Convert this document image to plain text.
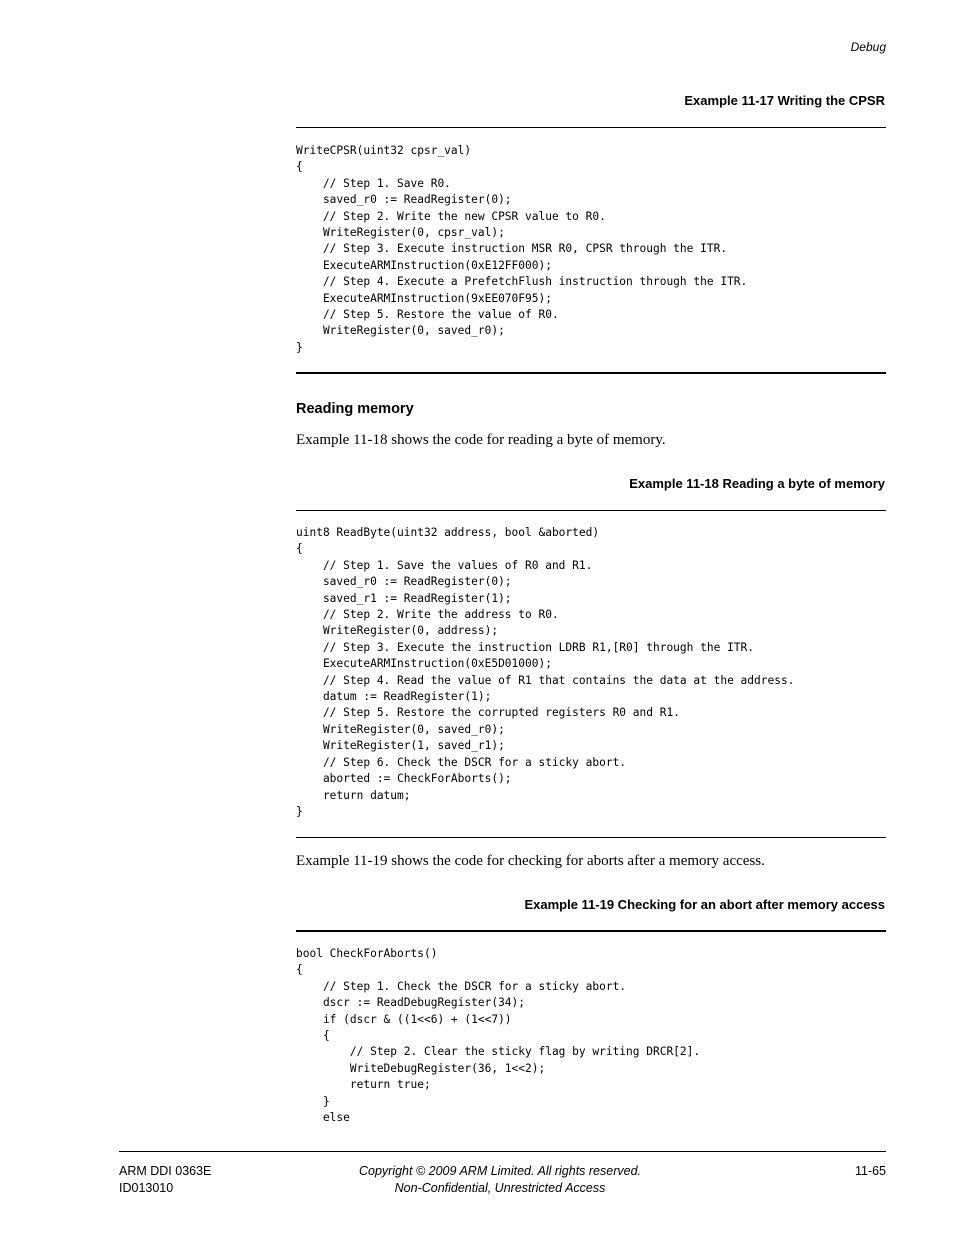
Debug
Example 11-17 Writing the CPSR
WriteCPSR(uint32 cpsr_val)
{
// Step 1. Save R0.
saved_r0 := ReadRegister(0);
// Step 2. Write the new CPSR value to R0.
WriteRegister(0, cpsr_val);
// Step 3. Execute instruction MSR R0, CPSR through the ITR.
ExecuteARMInstruction(0xE12FF000);
// Step 4. Execute a PrefetchFlush instruction through the ITR.
ExecuteARMInstruction(9xEE070F95);
// Step 5. Restore the value of R0.
WriteRegister(0, saved_r0);
}
Reading memory
Example 11-18 shows the code for reading a byte of memory.
Example 11-18 Reading a byte of memory
uint8 ReadByte(uint32 address, bool &aborted)
{
// Step 1. Save the values of R0 and R1.
saved_r0 := ReadRegister(0);
saved_r1 := ReadRegister(1);
// Step 2. Write the address to R0.
WriteRegister(0, address);
// Step 3. Execute the instruction LDRB R1,[R0] through the ITR.
ExecuteARMInstruction(0xE5D01000);
// Step 4. Read the value of R1 that contains the data at the address.
datum := ReadRegister(1);
// Step 5. Restore the corrupted registers R0 and R1.
WriteRegister(0, saved_r0);
WriteRegister(1, saved_r1);
// Step 6. Check the DSCR for a sticky abort.
aborted := CheckForAborts();
return datum;
}
Example 11-19 shows the code for checking for aborts after a memory access.
Example 11-19 Checking for an abort after memory access
bool CheckForAborts()
{
// Step 1. Check the DSCR for a sticky abort.
dscr := ReadDebugRegister(34);
if (dscr & ((1<<6) + (1<<7))
{
// Step 2. Clear the sticky flag by writing DRCR[2].
WriteDebugRegister(36, 1<<2);
return true;
}
else
ARM DDI 0363E
ID013010
Copyright © 2009 ARM Limited. All rights reserved.
Non-Confidential, Unrestricted Access
11-65
